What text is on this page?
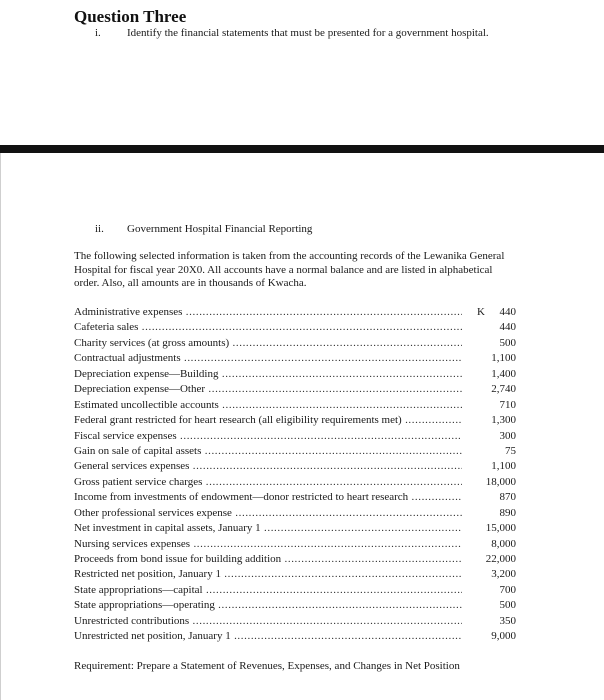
Question Three
i. Identify the financial statements that must be presented for a government hospital.
ii. Government Hospital Financial Reporting
The following selected information is taken from the accounting records of the Lewanika General Hospital for fiscal year 20X0. All accounts have a normal balance and are listed in alphabetical order. Also, all amounts are in thousands of Kwacha.
Administrative expenses .....	K	440
Cafeteria sales .....	440
Charity services (at gross amounts) .....	500
Contractual adjustments .....	1,100
Depreciation expense—Building .....	1,400
Depreciation expense—Other .....	2,740
Estimated uncollectible accounts .....	710
Federal grant restricted for heart research (all eligibility requirements met) .....	1,300
Fiscal service expenses .....	300
Gain on sale of capital assets .....	75
General services expenses .....	1,100
Gross patient service charges .....	18,000
Income from investments of endowment—donor restricted to heart research .....	870
Other professional services expense .....	890
Net investment in capital assets, January 1 .....	15,000
Nursing services expenses .....	8,000
Proceeds from bond issue for building addition .....	22,000
Restricted net position, January 1 .....	3,200
State appropriations—capital .....	700
State appropriations—operating .....	500
Unrestricted contributions .....	350
Unrestricted net position, January 1 .....	9,000
Requirement: Prepare a Statement of Revenues, Expenses, and Changes in Net Position
